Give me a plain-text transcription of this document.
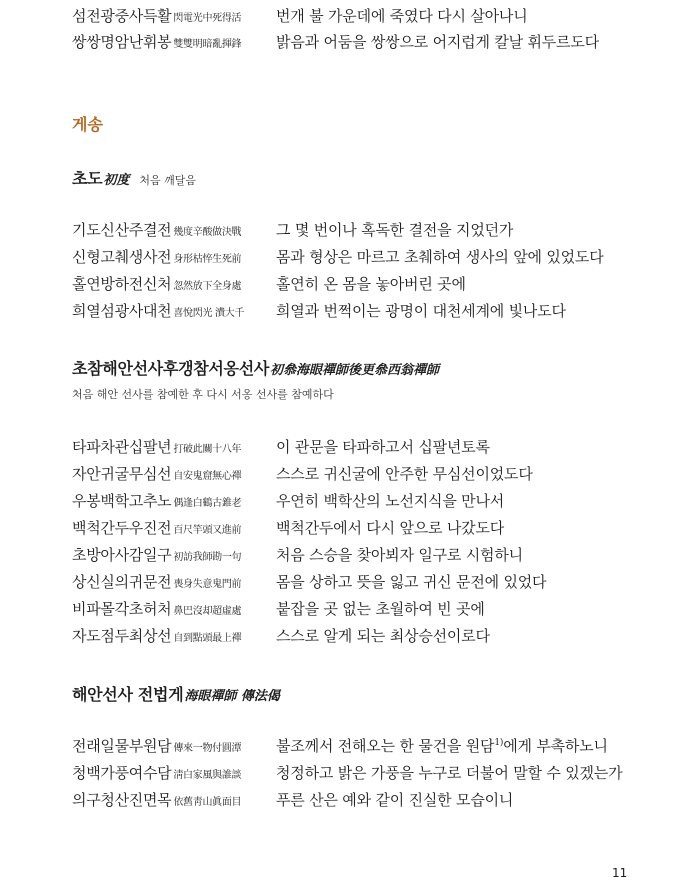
섬전광중사득활 閃電光中死得活 번개 불 가운데에 죽였다 다시 살아나니
쌍쌍명암난휘봉 雙雙明暗亂揮鋒 밝음과 어둠을 쌍쌍으로 어지럽게 칼날 휘두르도다
게송
초도 初度 처음 깨달음
기도신산주결전 幾度辛酸做決戰 그 몇 번이나 혹독한 결전을 지었던가
신형고췌생사전 身形枯悴生死前 몸과 형상은 마르고 초췌하여 생사의 앞에 있었도다
홀연방하전신처 忽然放下全身處 홀연히 온 몸을 놓아버린 곳에
희열섬광사대천 喜悅閃光 㵒大千 희열과 번쩍이는 광명이 대천세계에 빛나도다
초참해안선사후갱참서옹선사 初叅海眼禪師後更叅西翁禪師
처음 해안 선사를 참예한 후 다시 서옹 선사를 참예하다
타파차관십팔년 打破此關十八年 이 관문을 타파하고서 십팔년토록
자안귀굴무심선 自安鬼窟無心禪 스스로 귀신굴에 안주한 무심선이었도다
우봉백학고추노 偶逢白鶴古錐老 우연히 백학산의 노선지식을 만나서
백척간두우진전 百尺竿頭又進前 백척간두에서 다시 앞으로 나갔도다
초방아사감일구 初訪我師勘一句 처음 스승을 찾아뵈자 일구로 시험하니
상신실의귀문전 喪身失意鬼門前 몸을 상하고 뜻을 잃고 귀신 문전에 있었다
비파몰각초허처 鼻巴沒却超虛處 붙잡을 곳 없는 초월하여 빈 곳에
자도점두최상선 自到點頭最上禪 스스로 알게 되는 최상승선이로다
해안선사 전법게 海眼禪師 傳法偈
전래일물부원담 傳來一物付圓潭 불조께서 전해오는 한 물건을 원담$^{1)}$에게 부촉하노니
청백가풍여수담 淸白家風與誰談 청정하고 밝은 가풍을 누구로 더불어 말할 수 있겠는가
의구청산진면목 依舊靑山眞面目 푸른 산은 예와 같이 진실한 모습이니
11
